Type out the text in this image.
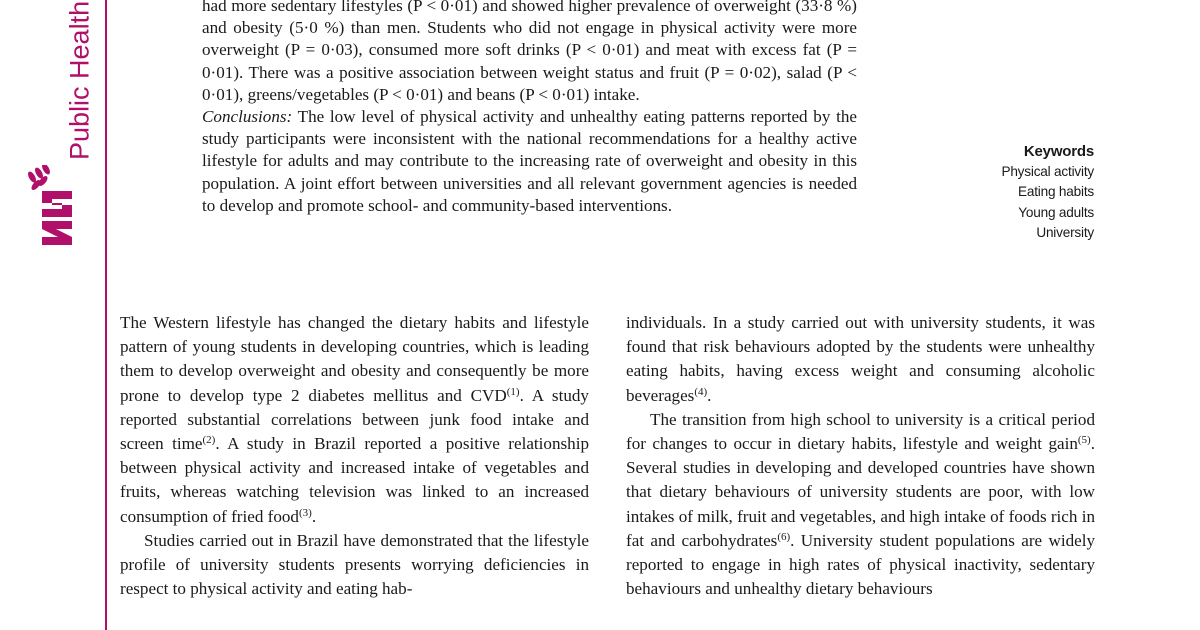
Public Health	had more sedentary lifestyles (P < 0·01) and showed higher prevalence of overweight (33·8 %) and obesity (5·0 %) than men. Students who did not engage in physical activity were more overweight (P = 0·03), consumed more soft drinks (P < 0·01) and meat with excess fat (P = 0·01). There was a positive association between weight status and fruit (P = 0·02), salad (P < 0·01), greens/vegetables (P < 0·01) and beans (P < 0·01) intake.

Conclusions: The low level of physical activity and unhealthy eating patterns reported by the study participants were inconsistent with the national recommendations for a healthy active lifestyle for adults and may contribute to the increasing rate of overweight and obesity in this population. A joint effort between universities and all relevant government agencies is needed to develop and promote school- and community-based interventions.

Keywords
Physical activity
Eating habits
Young adults
University

The Western lifestyle has changed the dietary habits and lifestyle pattern of young students in developing countries, which is leading them to develop overweight and obesity and consequently be more prone to develop type 2 diabetes mellitus and CVD$^{(1)}$. A study reported substantial correlations between junk food intake and screen time$^{(2)}$. A study in Brazil reported a positive relationship between physical activity and increased intake of vegetables and fruits, whereas watching television was linked to an increased consumption of fried food$^{(3)}$.

Studies carried out in Brazil have demonstrated that the lifestyle profile of university students presents worrying deficiencies in respect to physical activity and eating hab-

individuals. In a study carried out with university students, it was found that risk behaviours adopted by the students were unhealthy eating habits, having excess weight and consuming alcoholic beverages$^{(4)}$.

The transition from high school to university is a critical period for changes to occur in dietary habits, lifestyle and weight gain$^{(5)}$. Several studies in developing and developed countries have shown that dietary behaviours of university students are poor, with low intakes of milk, fruit and vegetables, and high intake of foods rich in fat and carbohydrates$^{(6)}$. University student populations are widely reported to engage in high rates of physical inactivity, sedentary behaviours and unhealthy dietary behaviours
